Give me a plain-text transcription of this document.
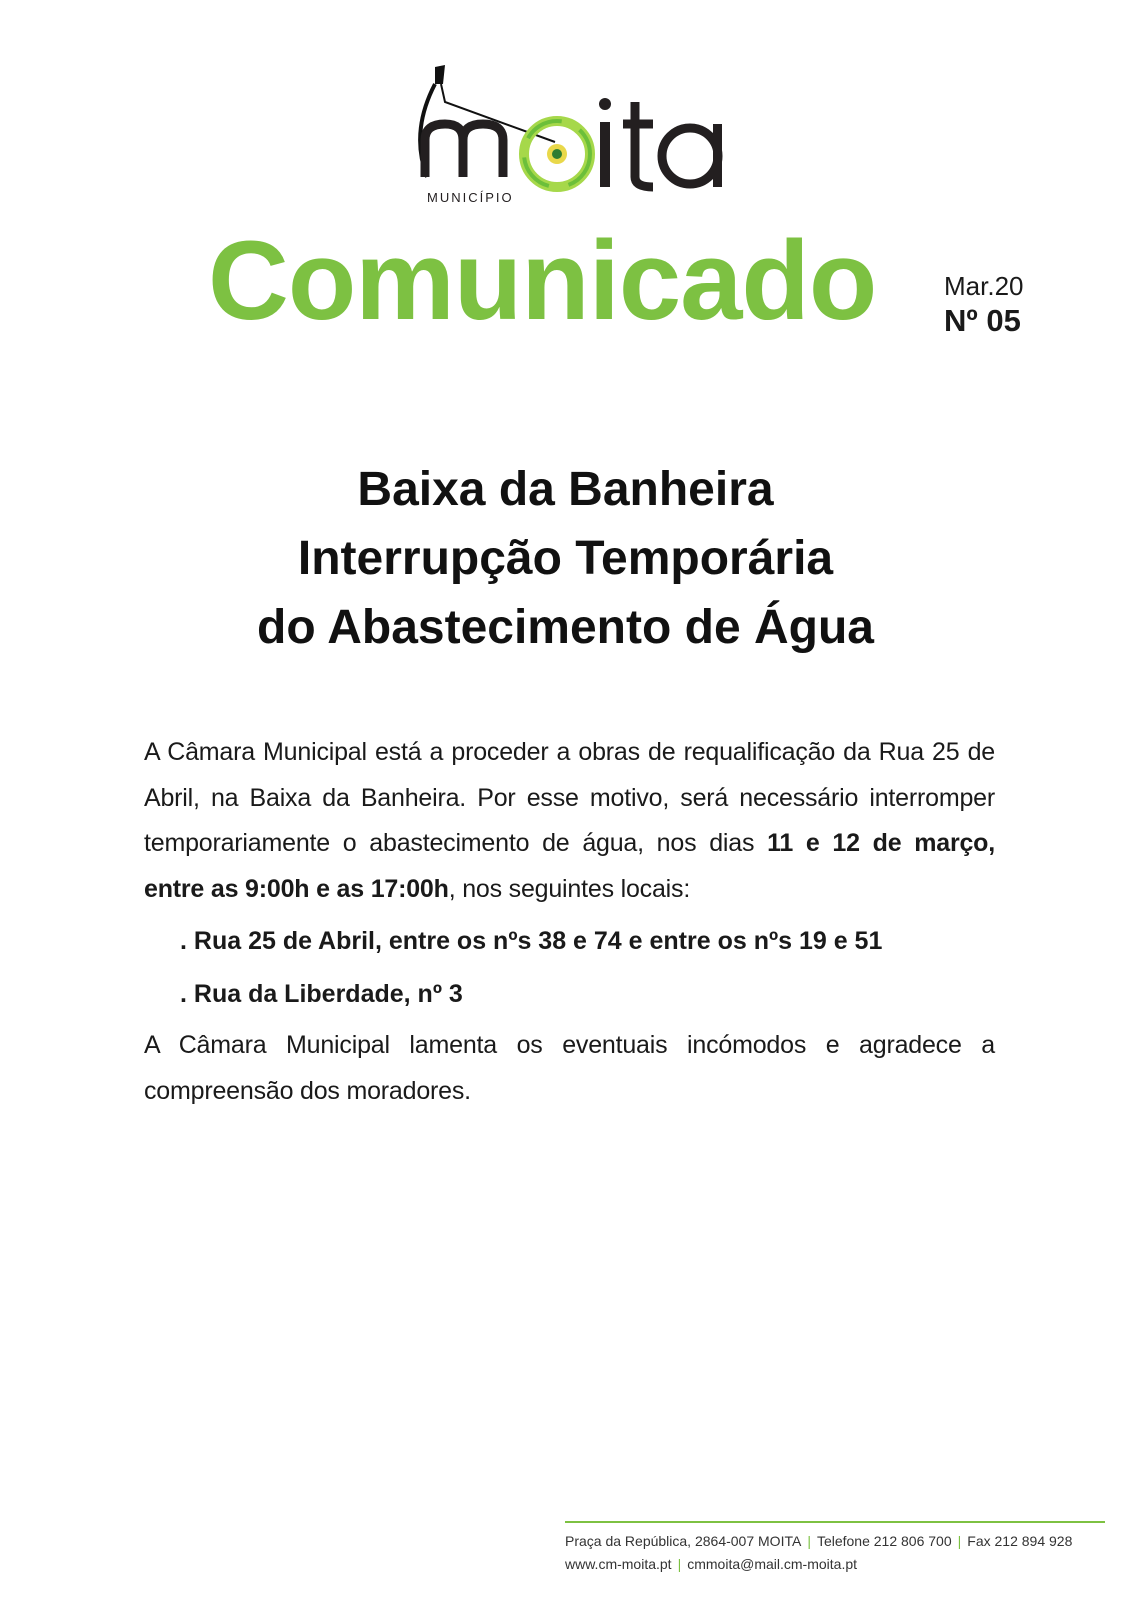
MUNICÍPIO
Comunicado	Mar.20
Nº 05
Baixa da Banheira
Interrupção Temporária
do Abastecimento de Água

A Câmara Municipal está a proceder a obras de requalificação da Rua 25 de Abril, na Baixa da Banheira. Por esse motivo, será necessário interromper temporariamente o abastecimento de água, nos dias 11 e 12 de março, entre as 9:00h e as 17:00h, nos seguintes locais:

. Rua 25 de Abril, entre os nºs 38 e 74 e entre os nºs 19 e 51
. Rua da Liberdade, nº 3

A Câmara Municipal lamenta os eventuais incómodos e agradece a compreensão dos moradores.

Praça da República, 2864-007 MOITA | Telefone 212 806 700 | Fax 212 894 928
www.cm-moita.pt | cmmoita@mail.cm-moita.pt
